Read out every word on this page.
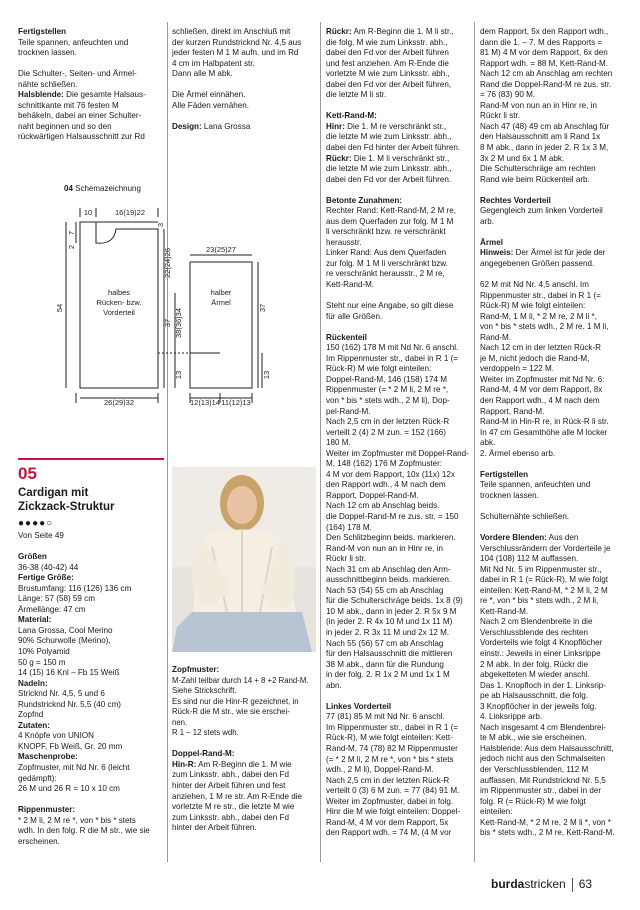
Fertigstellen

Teile spannen, anfeuchten und

trocknen lassen.

Die Schulter-, Seiten- und Ärmel-

nähte schließen.

Halsblende: Die gesamte Halsaus-

schnittkante mit 76 festen M

behäkeln, dabei an einer Schulter-

naht beginnen und so den

rückwärtigen Halsausschnitt zur Rd

schließen, direkt im Anschluß mit

der kurzen Rundstricknd Nr. 4,5 aus

jeder festen M 1 M aufn. und im Rd

4 cm im Halbpatent str.

Dann alle M abk.

Die Ärmel einnähen.

Alle Fäden vernähen.

Design: Lana Grossa

04 Schemazeichnung
10	16(19)22
halbes
Rücken- bzw.
Vorderteil
halber
Ärmel
23(25)27
26(29)32	12(13)14 11(12)13
54
7
2
3
22(24)26
38(36)34
37
37
13	13
05
Cardigan mit
Zickzack-Struktur
●●●●○

Von Seite 49

Größen

36-38 (40-42) 44

Fertige Größe:

Brustumfang: 116 (126) 136 cm

Länge: 57 (58) 59 cm

Ärmellänge: 47 cm

Material:

Lana Grossa, Cool Merino

90% Schurwolle (Merino),

10% Polyamid

50 g = 150 m

14 (15) 16 Knl – Fb 15 Weiß

Nadeln:

Stricknd Nr. 4,5, 5 und 6

Rundstricknd Nr. 5,5 (40 cm)

Zopfnd

Zutaten:

4 Knöpfe von UNION

KNOPF, Fb Weiß, Gr. 20 mm

Maschenprobe:

Zopfmuster, mit Nd Nr. 6 (leicht

gedämpft):

26 M und 26 R = 10 x 10 cm

Rippenmuster:

* 2 M li, 2 M re *, von * bis * stets

wdh. In den folg. R die M str., wie sie

erscheinen.

Zopfmuster:

M-Zahl teilbar durch 14 + 8 +2 Rand-M.

Siehe Strickschrift.

Es sind nur die Hinr-R gezeichnet, in

Rück-R die M str., wie sie erschei-

nen.

R 1 – 12 stets wdh.

Doppel-Rand-M:

Hin-R: Am R-Beginn die 1. M wie

zum Linksstr. abh., dabei den Fd

hinter der Arbeit führen und fest

anziehen, 1 M re str. Am R-Ende die

vorletzte M re str., die letzte M wie

zum Linksstr. abh., dabei den Fd

hinter der Arbeit führen.

Rückr: Am R-Beginn die 1. M li str.,

die folg. M wie zum Linksstr. abh.,

dabei den Fd vor der Arbeit führen

und fest anziehen. Am R-Ende die

vorletzte M wie zum Linksstr. abh.,

dabei den Fd vor der Arbeit führen,

die letzte M li str.

Kett-Rand-M:

Hinr: Die 1. M re verschränkt str.,

die letzte M wie zum Linksstr. abh.,

dabei den Fd hinter der Arbeit führen.

Rückr: Die 1. M li verschränkt str.,

die letzte M wie zum Linksstr. abh.,

dabei den Fd vor der Arbeit führen.

Betonte Zunahmen:

Rechter Rand: Kett-Rand-M, 2 M re,

aus dem Querfaden zur folg. M 1 M

li verschränkt bzw. re verschränkt

herausstr.

Linker Rand: Aus dem Querfaden

zur folg. M 1 M li verschränkt bzw.

re verschränkt herausstr., 2 M re,

Kett-Rand-M.

Steht nur eine Angabe, so gilt diese

für alle Größen.

Rückenteil

150 (162) 178 M mit Nd Nr. 6 anschl.

Im Rippenmuster str., dabei in R 1 (=

Rück-R) M wie folgt einteilen:

Doppel-Rand-M, 146 (158) 174 M

Rippenmuster (= * 2 M li, 2 M re *,

von * bis * stets wdh., 2 M li), Dop-

pel-Rand-M.

Nach 2,5 cm in der letzten Rück-R

verteilt 2 (4) 2 M zun. = 152 (166)

180 M.

Weiter im Zopfmuster mit Doppel-Rand-

M, 148 (162) 176 M Zopfmuster:

4 M vor dem Rapport, 10x (11x) 12x

den Rapport wdh., 4 M nach dem

Rapport, Doppel-Rand-M.

Nach 12 cm ab Anschlag beids.

die Doppel-Rand-M re zus. str. = 150

(164) 178 M.

Den Schlitzbeginn beids. markieren.

Rand-M von nun an in Hinr re, in

Rückr li str.

Nach 31 cm ab Anschlag den Arm-

ausschnittbeginn beids. markieren.

Nach 53 (54) 55 cm ab Anschlag

für die Schulterschräge beids. 1x 8 (9)

10 M abk., dann in jeder 2. R 5x 9 M

(in jeder 2. R 4x 10 M und 1x 11 M)

in jeder 2. R 3x 11 M und 2x 12 M.

Nach 55 (56) 57 cm ab Anschlag

für den Halsausschnitt die mittleren

38 M abk., dann für die Rundung

in der folg. 2. R 1x 2 M und 1x 1 M

abn.

Linkes Vorderteil

77 (81) 85 M mit Nd Nr. 6 anschl.

Im Rippenmuster str., dabei in R 1 (=

Rück-R), M wie folgt einteilen: Kett-

Rand-M, 74 (78) 82 M Rippenmuster

(= * 2 M li, 2 M re *, von * bis * stets

wdh., 2 M li), Doppel-Rand-M.

Nach 2,5 cm in der letzten Rück-R

verteilt 0 (3) 6 M zun. = 77 (84) 91 M.

Weiter im Zopfmuster, dabei in folg.

Hinr die M wie folgt einteilen: Doppel-

Rand-M, 4 M vor dem Rapport, 5x

den Rapport wdh. = 74 M, (4 M vor

dem Rapport, 5x den Rapport wdh.,

dann die 1. – 7. M des Rapports =

81 M) 4 M vor dem Rapport, 6x den

Rapport wdh. = 88 M, Kett-Rand-M.

Nach 12 cm ab Anschlag am rechten

Rand die Doppel-Rand-M re zus. str.

= 76 (83) 90 M.

Rand-M von nun an in Hinr re, in

Rückr li str.

Nach 47 (48) 49 cm ab Anschlag für

den Halsausschnitt am li Rand 1x

8 M abk., dann in jeder 2. R 1x 3 M,

3x 2 M und 6x 1 M abk.

Die Schulterschräge am rechten

Rand wie beim Rückenteil arb.

Rechtes Vorderteil

Gegengleich zum linken Vorderteil

arb.

Ärmel

Hinweis: Der Ärmel ist für jede der

angegebenen Größen passend.

62 M mit Nd Nr. 4,5 anschl. Im

Rippenmuster str., dabei in R 1 (=

Rück-R) M wie folgt einteilen:

Rand-M, 1 M li, * 2 M re, 2 M li *,

von * bis * stets wdh., 2 M re, 1 M li,

Rand-M.

Nach 12 cm in der letzten Rück-R

je M, nicht jedoch die Rand-M,

verdoppeln = 122 M.

Weiter im Zopfmuster mit Nd Nr. 6:

Rand-M, 4 M vor dem Rapport, 8x

den Rapport wdh., 4 M nach dem

Rapport, Rand-M.

Rand-M in Hin-R re, in Rück-R li str.

In 47 cm Gesamthöhe alle M locker

abk.

2. Ärmel ebenso arb.

Fertigstellen

Teile spannen, anfeuchten und

trocknen lassen.

Schulternähte schließen.

Vordere Blenden: Aus den

Verschlussrändern der Vorderteile je

104 (108) 112 M auffassen.

Mit Nd Nr. 5 im Rippenmuster str.,

dabei in R 1 (= Rück-R), M wie folgt

einteilen: Kett-Rand-M, * 2 M li, 2 M

re *, von * bis * stets wdh., 2 M li,

Kett-Rand-M.

Nach 2 cm Blendenbreite in die

Verschlussblende des rechten

Vorderteils wie folgt 4 Knopflöcher

einstr.: Jeweils in einer Linksrippe

2 M abk. In der folg. Rückr die

abgeketteten M wieder anschl.

Das 1. Knopfloch in der 1. Linksrip-

pe ab Halsausschnitt, die folg.

3 Knopflöcher in der jeweils folg.

4. Linksrippe arb.

Nach insgesamt 4 cm Blendenbrei-

te M abk., wie sie erscheinen.

Halsblende: Aus dem Halsausschnitt,

jedoch nicht aus den Schmalseiten

der Verschlussblenden, 112 M

auffassen. Mit Rundstricknd Nr. 5,5

im Rippenmuster str., dabei in der

folg. R (= Rück-R) M wie folgt

einteilen:

Kett-Rand-M, * 2 M re, 2 M li *, von *

bis * stets wdh., 2 M re, Kett-Rand-M.

burdastricken 63
